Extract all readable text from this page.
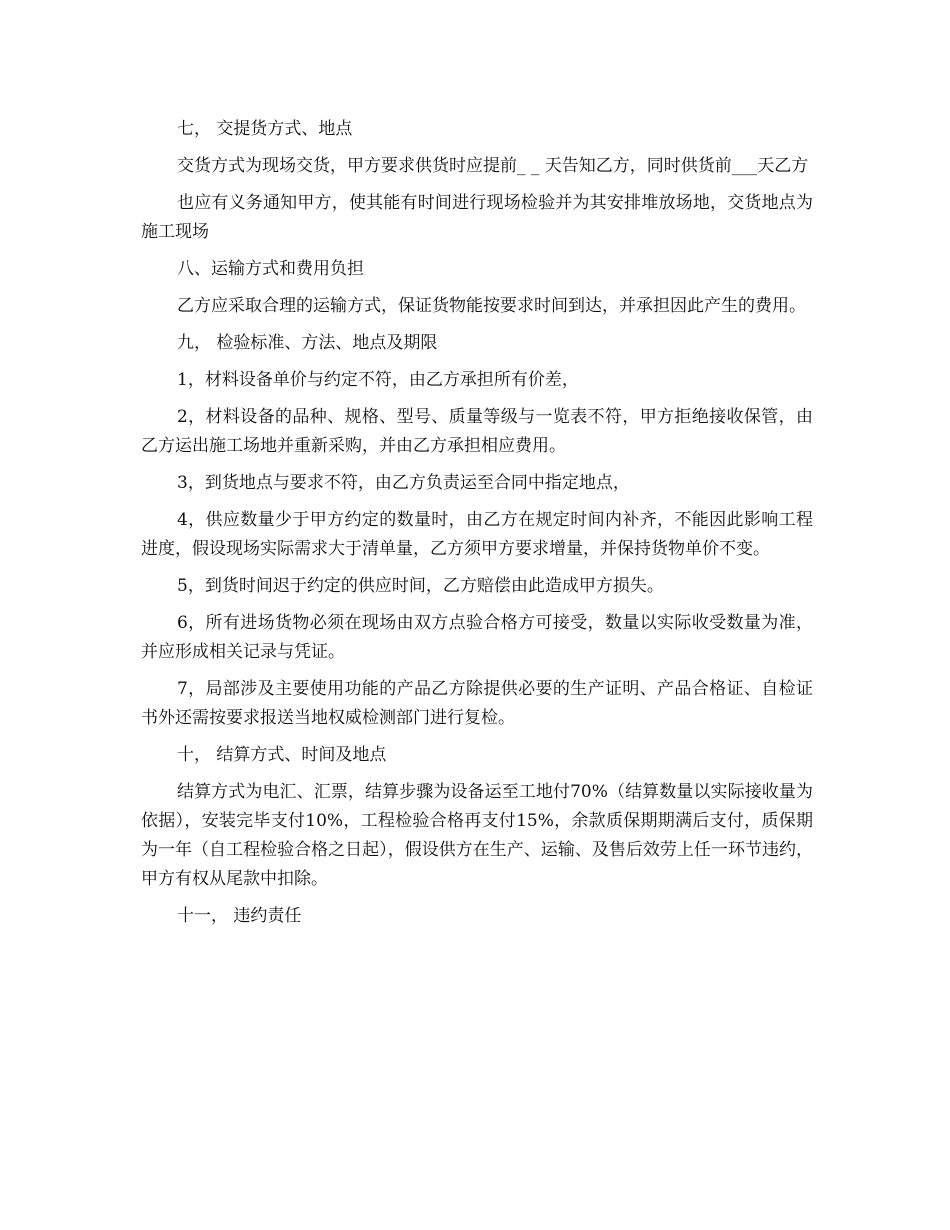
七， 交提货方式、地点

交货方式为现场交货，甲方要求供货时应提前_ _ 天告知乙方，同时供货前___天乙方

也应有义务通知甲方，使其能有时间进行现场检验并为其安排堆放场地，交货地点为施工现场

八、运输方式和费用负担

乙方应采取合理的运输方式，保证货物能按要求时间到达，并承担因此产生的费用。

九， 检验标准、方法、地点及期限

1，材料设备单价与约定不符，由乙方承担所有价差，

2，材料设备的品种、规格、型号、质量等级与一览表不符，甲方拒绝接收保管，由乙方运出施工场地并重新采购，并由乙方承担相应费用。

3，到货地点与要求不符，由乙方负责运至合同中指定地点，

4，供应数量少于甲方约定的数量时，由乙方在规定时间内补齐，不能因此影响工程进度，假设现场实际需求大于清单量，乙方须甲方要求增量，并保持货物单价不变。

5，到货时间迟于约定的供应时间，乙方赔偿由此造成甲方损失。

6，所有进场货物必须在现场由双方点验合格方可接受，数量以实际收受数量为准，并应形成相关记录与凭证。

7，局部涉及主要使用功能的产品乙方除提供必要的生产证明、产品合格证、自检证书外还需按要求报送当地权威检测部门进行复检。

十， 结算方式、时间及地点

结算方式为电汇、汇票，结算步骤为设备运至工地付70%（结算数量以实际接收量为依据），安装完毕支付10%，工程检验合格再支付15%，余款质保期期满后支付，质保期为一年（自工程检验合格之日起），假设供方在生产、运输、及售后效劳上任一环节违约，甲方有权从尾款中扣除。

十一， 违约责任
